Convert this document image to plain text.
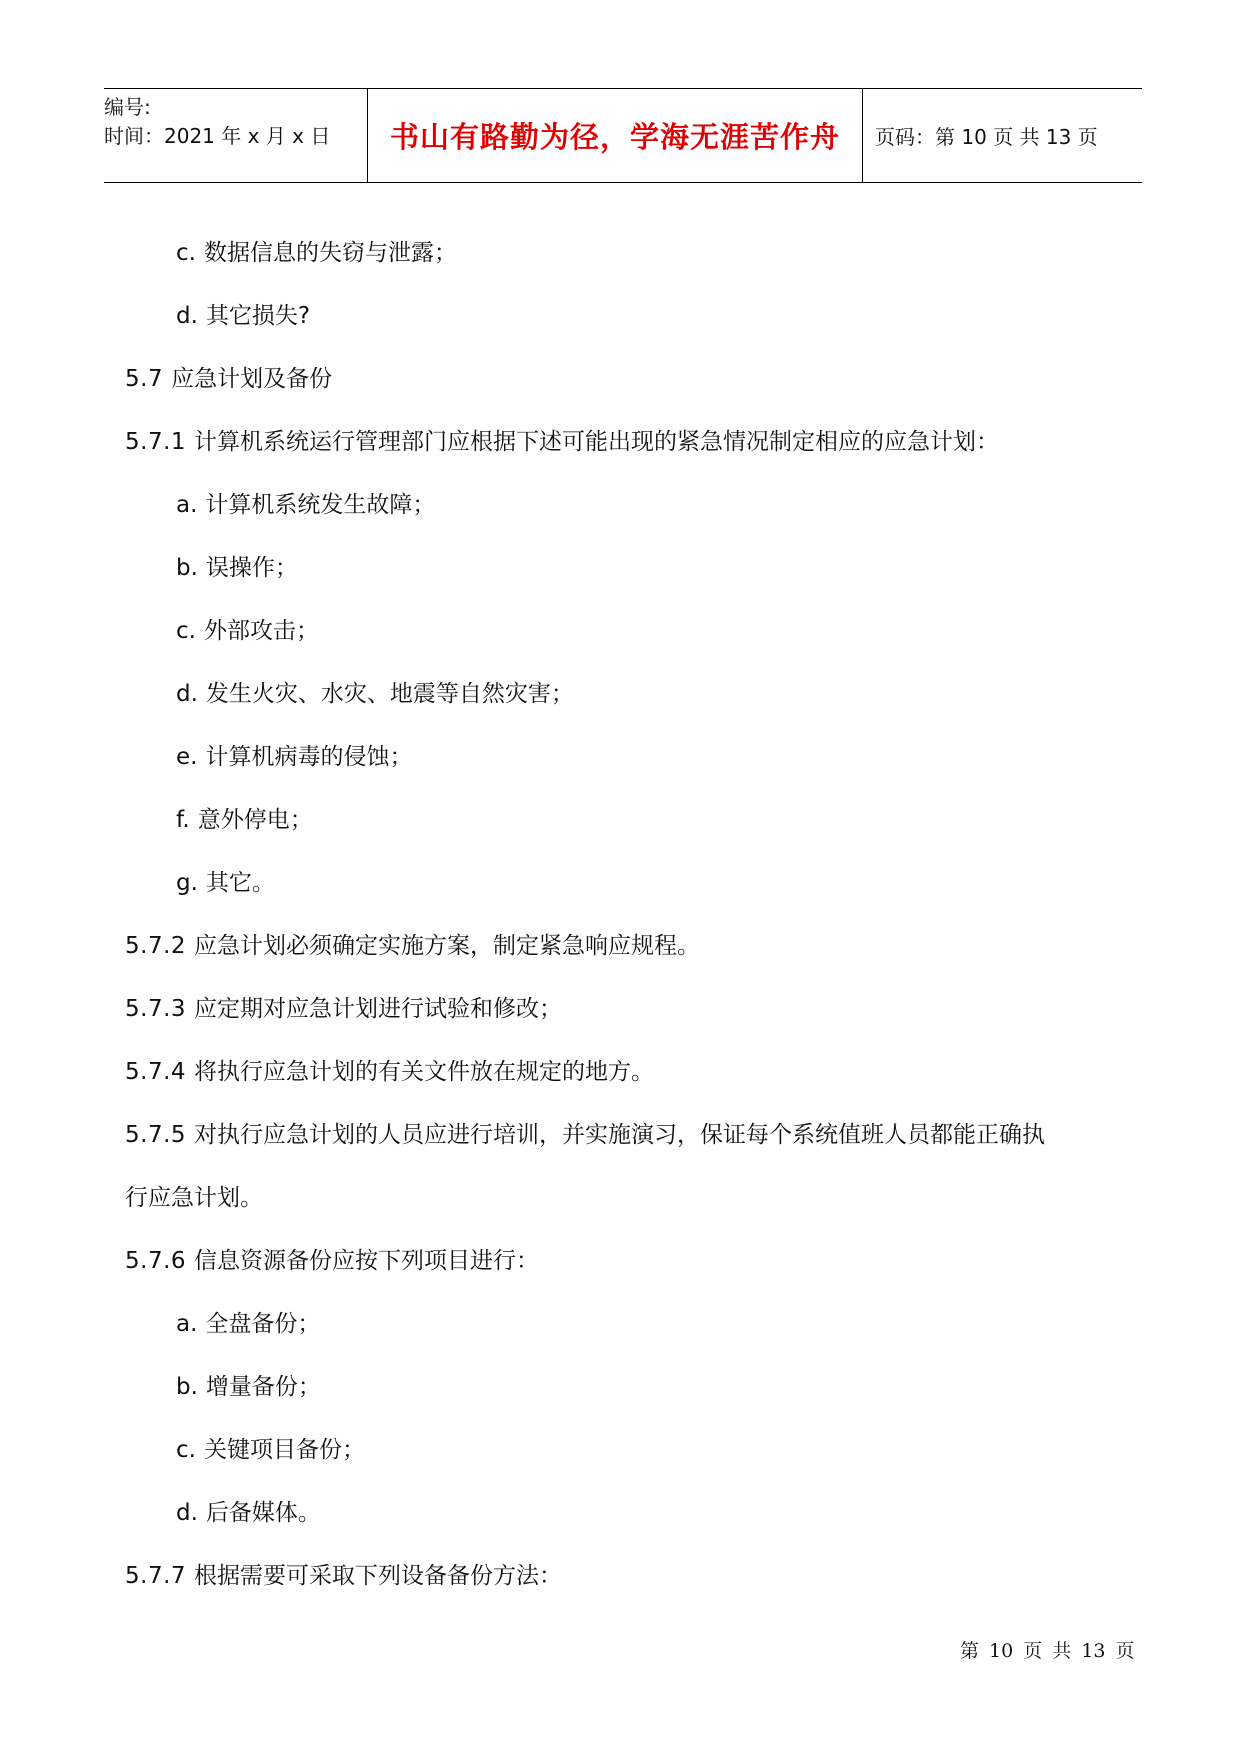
编号:
时间：2021 年 x 月 x 日	书山有路勤为径，学海无涯苦作舟 页码：第 10 页 共 13 页
c. 数据信息的失窃与泄露；
d. 其它损失?
5.7 应急计划及备份
5.7.1 计算机系统运行管理部门应根据下述可能出现的紧急情况制定相应的应急计划：
a. 计算机系统发生故障；
b. 误操作；
c. 外部攻击；
d. 发生火灾、水灾、地震等自然灾害；
e. 计算机病毒的侵蚀；
f. 意外停电；
g. 其它。
5.7.2 应急计划必须确定实施方案，制定紧急响应规程。
5.7.3 应定期对应急计划进行试验和修改；
5.7.4 将执行应急计划的有关文件放在规定的地方。
5.7.5 对执行应急计划的人员应进行培训，并实施演习，保证每个系统值班人员都能正确执
行应急计划。
5.7.6 信息资源备份应按下列项目进行：
a. 全盘备份；
b. 增量备份；
c. 关键项目备份；
d. 后备媒体。
5.7.7 根据需要可采取下列设备备份方法：
第 10 页 共 13 页
